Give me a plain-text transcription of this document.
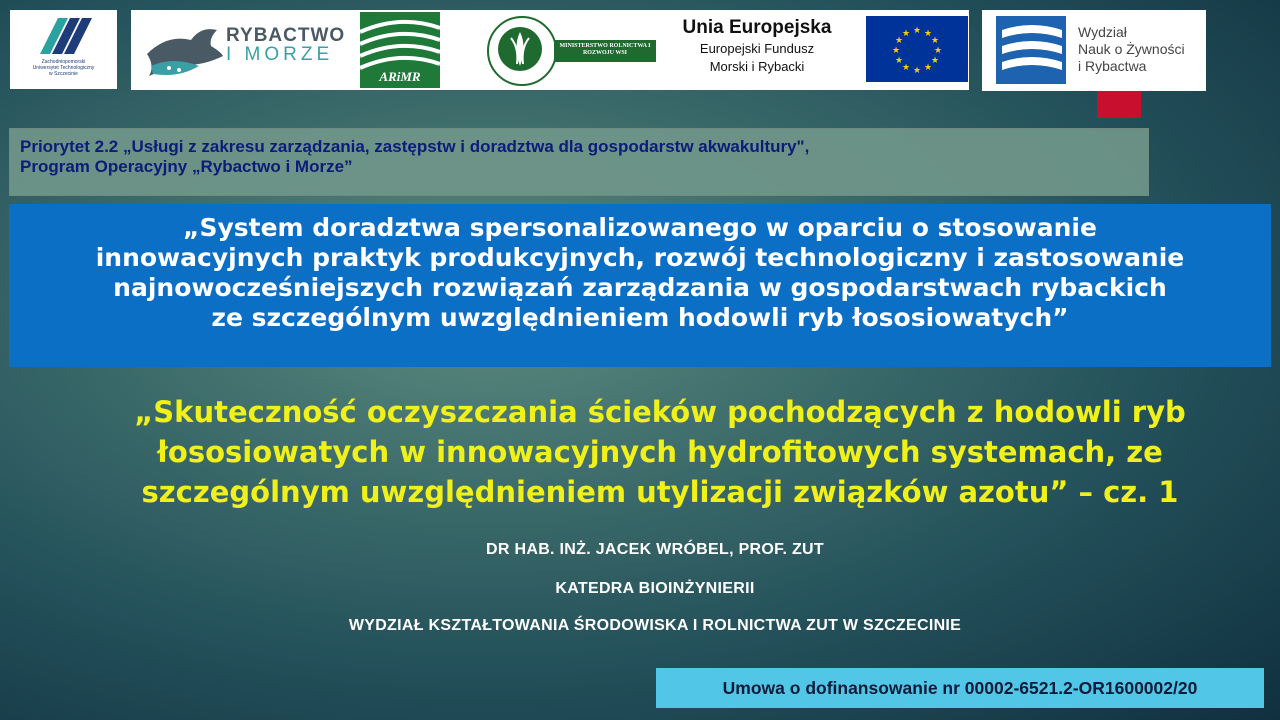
Zachodniopomorski
Uniwersytet Technologiczny
w Szczecinie
RYBACTWO
I MORZE
ARiMR
MINISTERSTWO ROLNICTWA I ROZWOJU WSI
Unia Europejska
Europejski Fundusz
Morski i Rybacki
★ ★
★
★
★
★
★
★
★
★
★
★	Wydział
Nauk o Żywności
i Rybactwa
Priorytet 2.2 „Usługi z zakresu zarządzania, zastępstw i doradztwa dla gospodarstw akwakultury",
Program Operacyjny „Rybactwo i Morze”
„System doradztwa spersonalizowanego w oparciu o stosowanie
innowacyjnych praktyk produkcyjnych, rozwój technologiczny i zastosowanie
najnowocześniejszych rozwiązań zarządzania w gospodarstwach rybackich
ze szczególnym uwzględnieniem hodowli ryb łososiowatych”
„Skuteczność oczyszczania ścieków pochodzących z hodowli ryb
łososiowatych w innowacyjnych hydrofitowych systemach, ze
szczególnym uwzględnieniem utylizacji związków azotu” – cz. 1
DR HAB. INŻ. JACEK WRÓBEL, PROF. ZUT
KATEDRA BIOINŻYNIERII
WYDZIAŁ KSZTAŁTOWANIA ŚRODOWISKA I ROLNICTWA ZUT W SZCZECINIE
Umowa o dofinansowanie nr 00002-6521.2-OR1600002/20
